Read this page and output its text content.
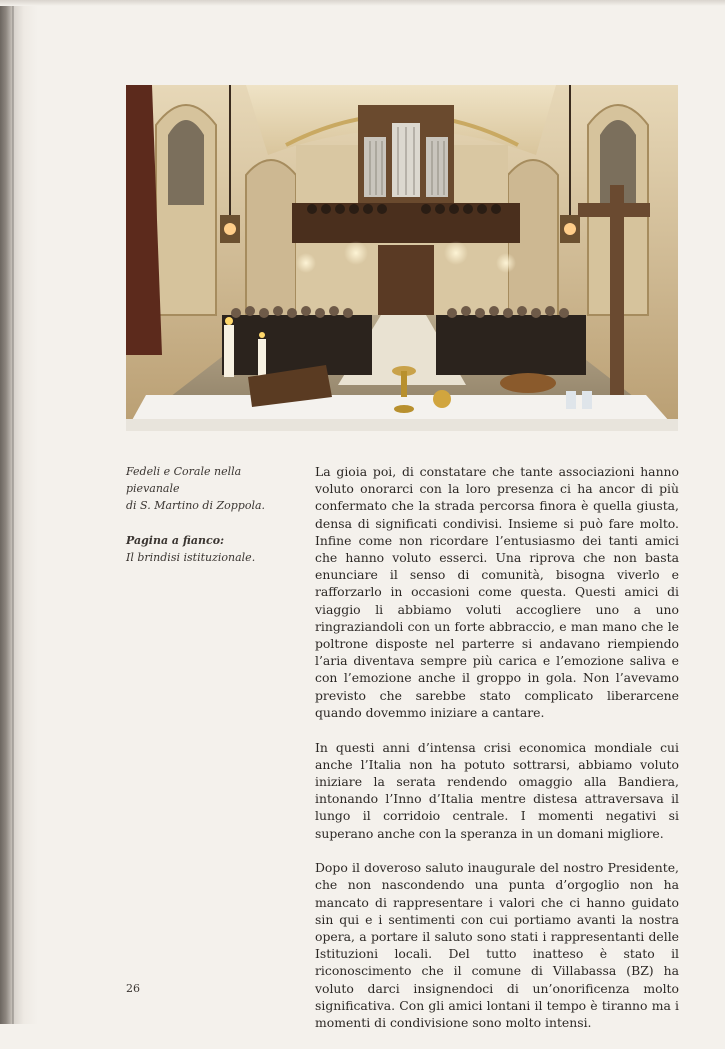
Fedeli e Corale nella pievanale

di S. Martino di Zoppola.

Pagina a fianco:

Il brindisi istituzionale.

La gioia poi, di constatare che tante associazioni hanno voluto onorarci con la loro presenza ci ha ancor di più confermato che la strada percorsa finora è quella giusta, densa di significati condivisi. Insieme si può fare molto. Infine come non ricordare l’entusiasmo dei tanti amici che hanno voluto esserci. Una riprova che non basta enunciare il senso di comunità, bisogna viverlo e rafforzarlo in occasioni come questa. Questi amici di viaggio li abbiamo voluti accogliere uno a uno ringraziandoli con un forte abbraccio, e man mano che le poltrone disposte nel parterre si andavano riempiendo l’aria diventava sempre più carica e l’emozione saliva e con l’emozione anche il groppo in gola. Non l’avevamo previsto che sarebbe stato complicato liberarcene quando dovemmo iniziare a cantare.

In questi anni d’intensa crisi economica mondiale cui anche l’Italia non ha potuto sottrarsi, abbiamo voluto iniziare la serata rendendo omaggio alla Bandiera, intonando l’Inno d’Italia mentre distesa attraversava il lungo il corridoio centrale. I momenti negativi si superano anche con la speranza in un domani migliore.

Dopo il doveroso saluto inaugurale del nostro Presidente, che non nascondendo una punta d’orgoglio non ha mancato di rappresentare i valori che ci hanno guidato sin qui e i sentimenti con cui portiamo avanti la nostra opera, a portare il saluto sono stati i rappresentanti delle Istituzioni locali. Del tutto inatteso è stato il riconoscimento che il comune di Villabassa (BZ) ha voluto darci insignendoci di un’onorificenza molto significativa. Con gli amici lontani il tempo è tiranno ma i momenti di condivisione sono molto intensi.

26
